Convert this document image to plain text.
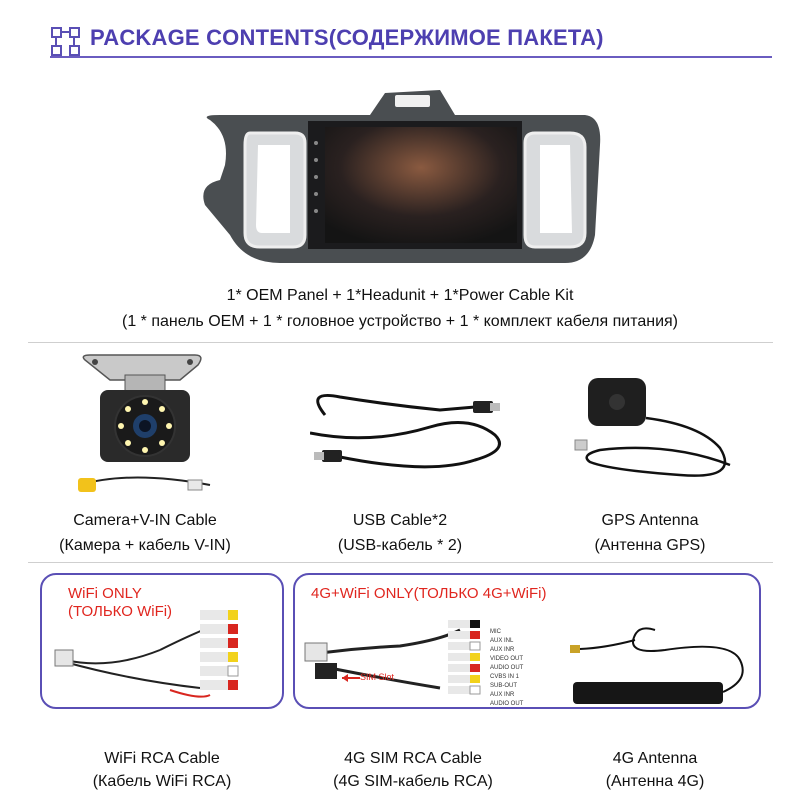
PACKAGE CONTENTS(СОДЕРЖИМОЕ ПАКЕТА)
1* OEM Panel + 1*Headunit + 1*Power Cable Kit
(1 * панель OEM + 1 * головное устройство + 1 * комплект кабеля питания)
Camera+V-IN Cable
(Камера + кабель V-IN)
USB Cable*2
(USB-кабель * 2)
GPS Antenna
(Антенна GPS)
WiFi ONLY
(ТОЛЬКО WiFi)
WiFi RCA Cable
(Кабель WiFi RCA)
4G+WiFi ONLY(ТОЛЬКО 4G+WiFi)
SIM Slot
MIC
AUX INL
AUX INR
VIDEO OUT
AUDIO OUT
CVBS IN 1
SUB-OUT
AUX INR
AUDIO OUT
4G SIM RCA Cable
(4G SIM-кабель RCA)
4G Antenna
(Антенна 4G)
